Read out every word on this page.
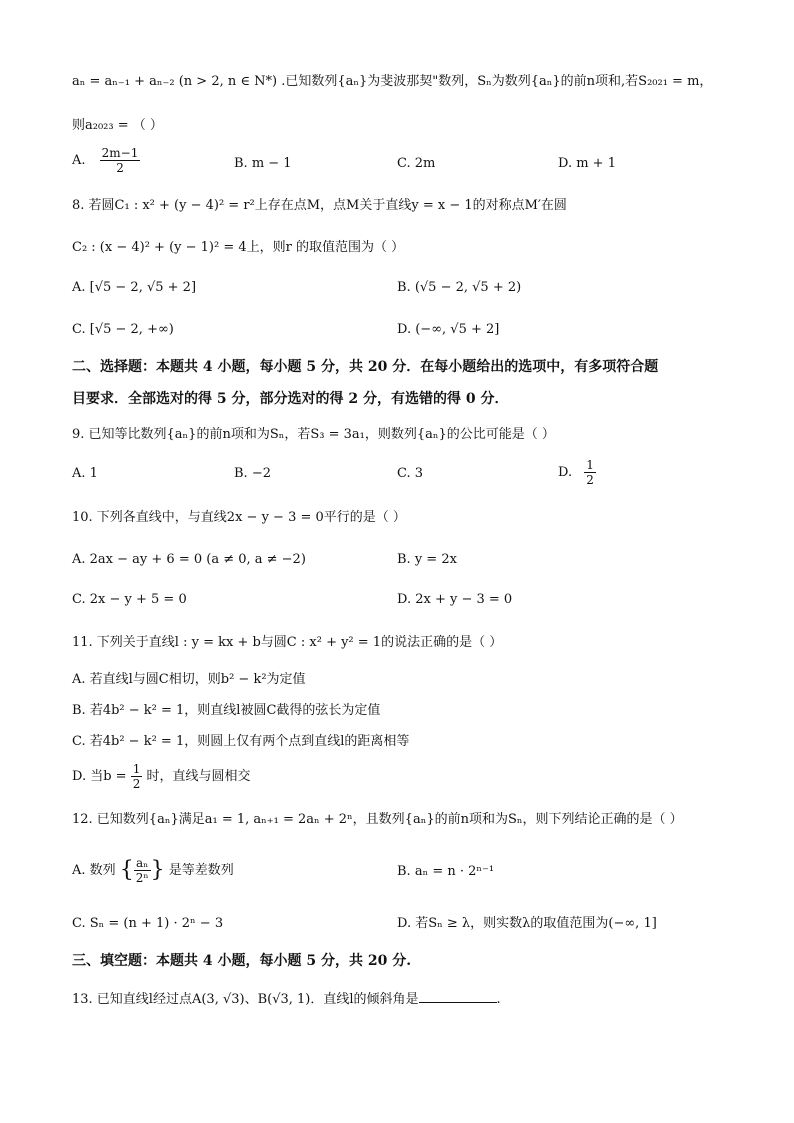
aₙ = aₙ₋₁ + aₙ₋₂ (n > 2, n ∈ N*) .已知数列{aₙ}为斐波那契"数列，Sₙ为数列{aₙ}的前n项和,若S₂₀₂₁ = m，
则a₂₀₂₃ = （ ）
A. $\frac{2m-1}{2}$	B. m − 1	C. 2m	D. m + 1
8. 若圆C₁ : x² + (y − 4)² = r²上存在点M，点M关于直线y = x − 1的对称点M′在圆
C₂ : (x − 4)² + (y − 1)² = 4上，则r 的取值范围为（ ）
A. [√5 − 2, √5 + 2]	B. (√5 − 2, √5 + 2)
C. [√5 − 2, +∞)	D. (−∞, √5 + 2]
二、选择题：本题共 4 小题，每小题 5 分，共 20 分．在每小题给出的选项中，有多项符合题
目要求．全部选对的得 5 分，部分选对的得 2 分，有选错的得 0 分．
9. 已知等比数列{aₙ}的前n项和为Sₙ，若S₃ = 3a₁，则数列{aₙ}的公比可能是（ ）
A. 1	B. −2	C. 3	D. $\frac{1}{2}$
10. 下列各直线中，与直线2x − y − 3 = 0平行的是（ ）
A. 2ax − ay + 6 = 0 (a ≠ 0, a ≠ −2)	B. y = 2x
C. 2x − y + 5 = 0	D. 2x + y − 3 = 0
11. 下列关于直线l : y = kx + b与圆C : x² + y² = 1的说法正确的是（ ）
A. 若直线l与圆C相切，则b² − k²为定值
B. 若4b² − k² = 1，则直线l被圆C截得的弦长为定值
C. 若4b² − k² = 1，则圆上仅有两个点到直线l的距离相等
D. 当$b = \frac{1}{2}$ 时，直线与圆相交
12. 已知数列{aₙ}满足a₁ = 1, aₙ₊₁ = 2aₙ + 2ⁿ，且数列{aₙ}的前n项和为Sₙ，则下列结论正确的是（ ）
A. 数列 { $\frac{\text{aₙ}}{\text{2ⁿ}}$ } 是等差数列	B. aₙ = n · 2ⁿ⁻¹
C. Sₙ = (n + 1) · 2ⁿ − 3	D. 若Sₙ ≥ λ，则实数λ的取值范围为(−∞, 1]
三、填空题：本题共 4 小题，每小题 5 分，共 20 分.
13. 已知直线l经过点A(3, √3)、B(√3, 1)．直线l的倾斜角是	.
